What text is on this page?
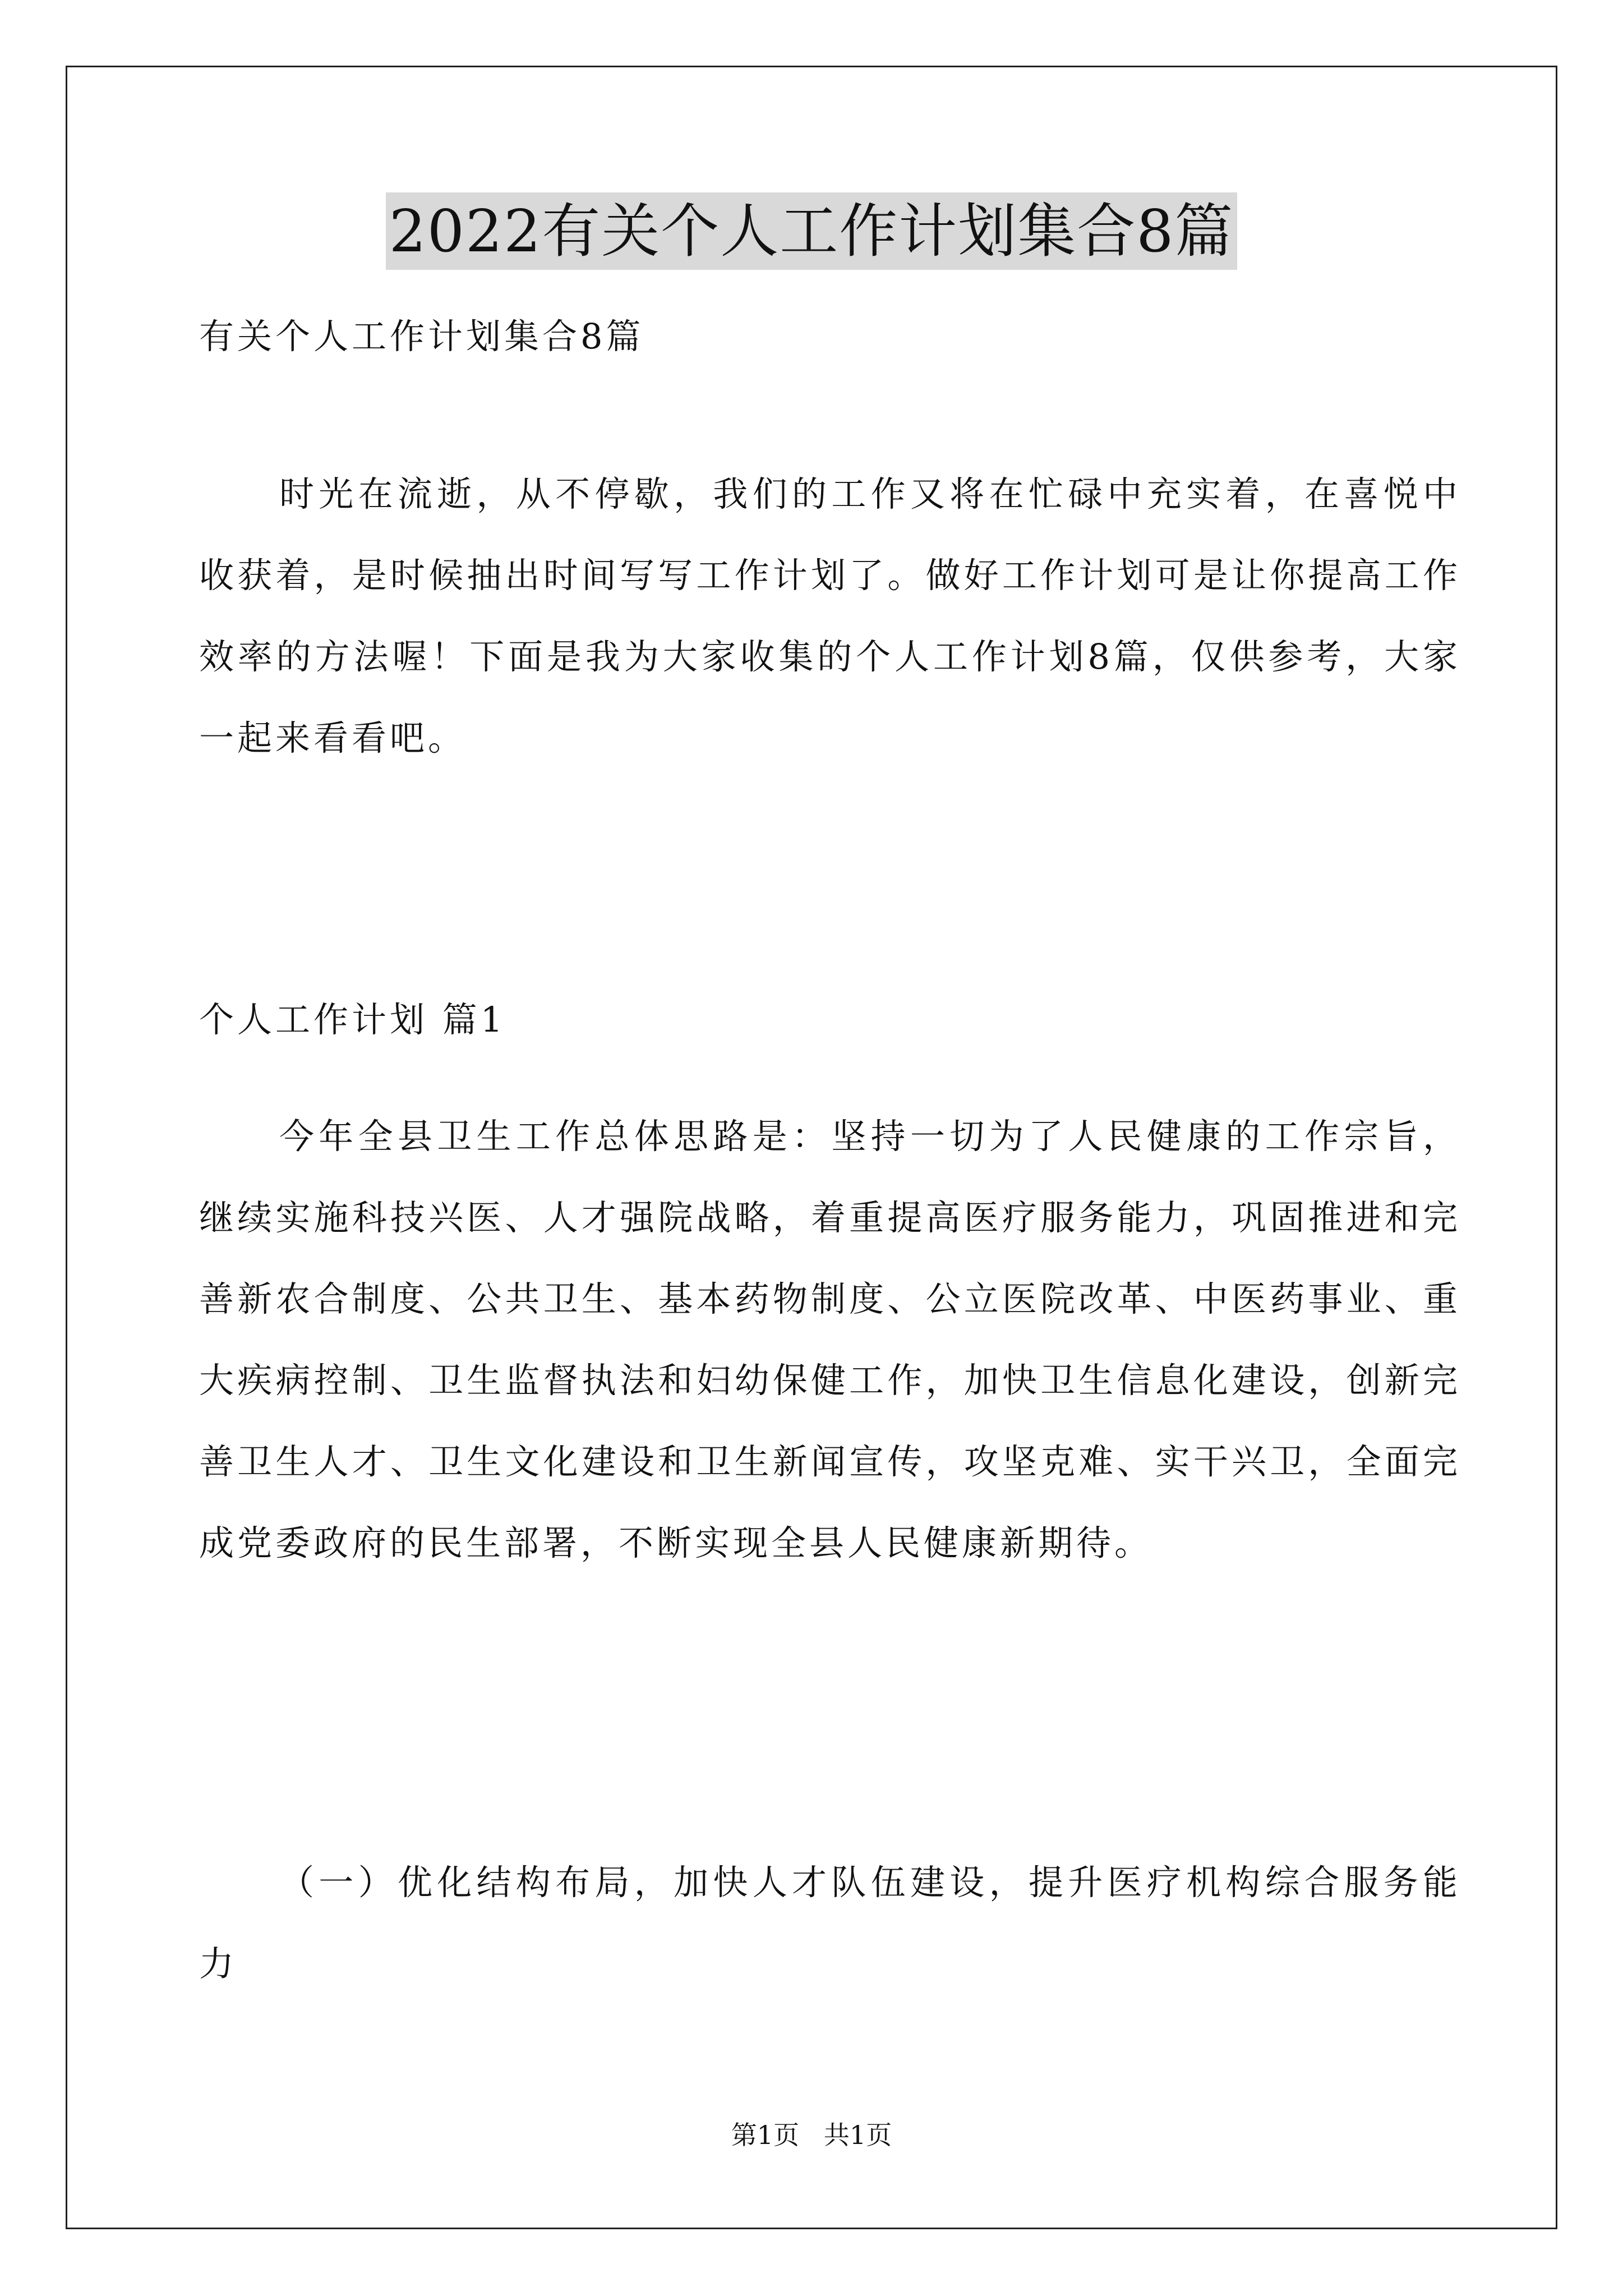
2022有关个人工作计划集合8篇
有关个人工作计划集合8篇

时光在流逝，从不停歇，我们的工作又将在忙碌中充实着，在喜悦中收获着，是时候抽出时间写写工作计划了。做好工作计划可是让你提高工作效率的方法喔！下面是我为大家收集的个人工作计划8篇，仅供参考，大家一起来看看吧。

个人工作计划 篇1

今年全县卫生工作总体思路是：坚持一切为了人民健康的工作宗旨，继续实施科技兴医、人才强院战略，着重提高医疗服务能力，巩固推进和完善新农合制度、公共卫生、基本药物制度、公立医院改革、中医药事业、重大疾病控制、卫生监督执法和妇幼保健工作，加快卫生信息化建设，创新完善卫生人才、卫生文化建设和卫生新闻宣传，攻坚克难、实干兴卫，全面完成党委政府的民生部署，不断实现全县人民健康新期待。

（一）优化结构布局，加快人才队伍建设，提升医疗机构综合服务能力

第1页   共1页
